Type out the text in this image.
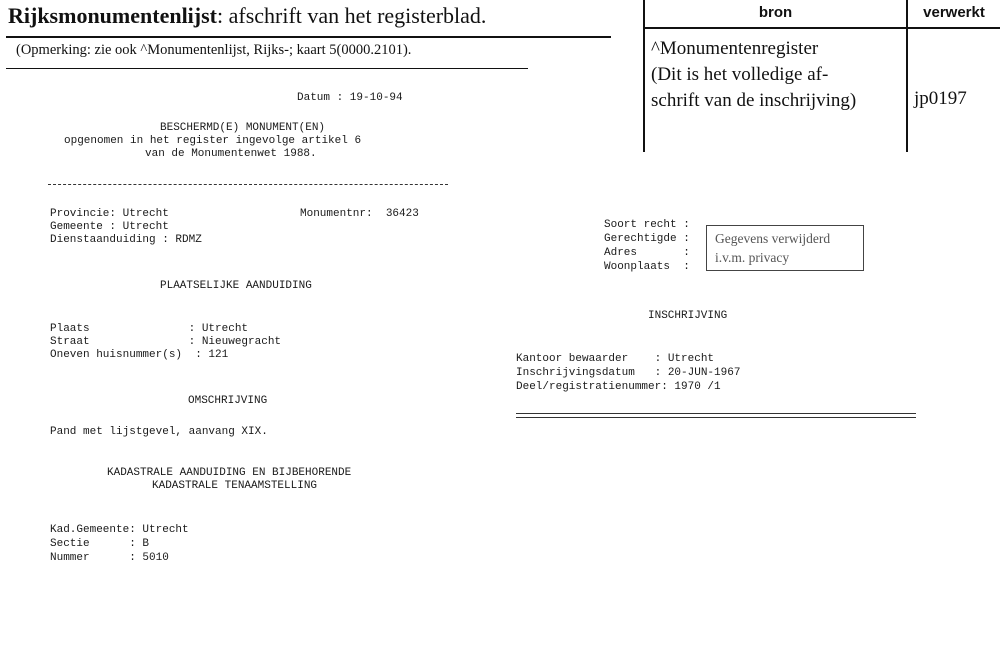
Rijksmonumentenlijst: afschrift van het registerblad.
(Opmerking: zie ook ^Monumentenlijst, Rijks-; kaart 5(0000.2101).
bron	verwerkt
^Monumentenregister
(Dit is het volledige af-
schrift van de inschrijving)	jp0197
Datum : 19-10-94
BESCHERMD(E) MONUMENT(EN)
opgenomen in het register ingevolge artikel 6
van de Monumentenwet 1988.
Provincie: Utrecht
Gemeente : Utrecht
Dienstaanduiding : RDMZ
Monumentnr:  36423
PLAATSELIJKE AANDUIDING
Plaats               : Utrecht
Straat               : Nieuwegracht
Oneven huisnummer(s)  : 121
OMSCHRIJVING
Pand met lijstgevel, aanvang XIX.
KADASTRALE AANDUIDING EN BIJBEHORENDE
KADASTRALE TENAAMSTELLING
Kad.Gemeente: Utrecht
Sectie      : B
Nummer      : 5010
Soort recht :
Gerechtigde :
Adres       :
Woonplaats  :
Gegevens verwijderd
i.v.m. privacy
INSCHRIJVING
Kantoor bewaarder    : Utrecht
Inschrijvingsdatum   : 20-JUN-1967
Deel/registratienummer: 1970 /1
